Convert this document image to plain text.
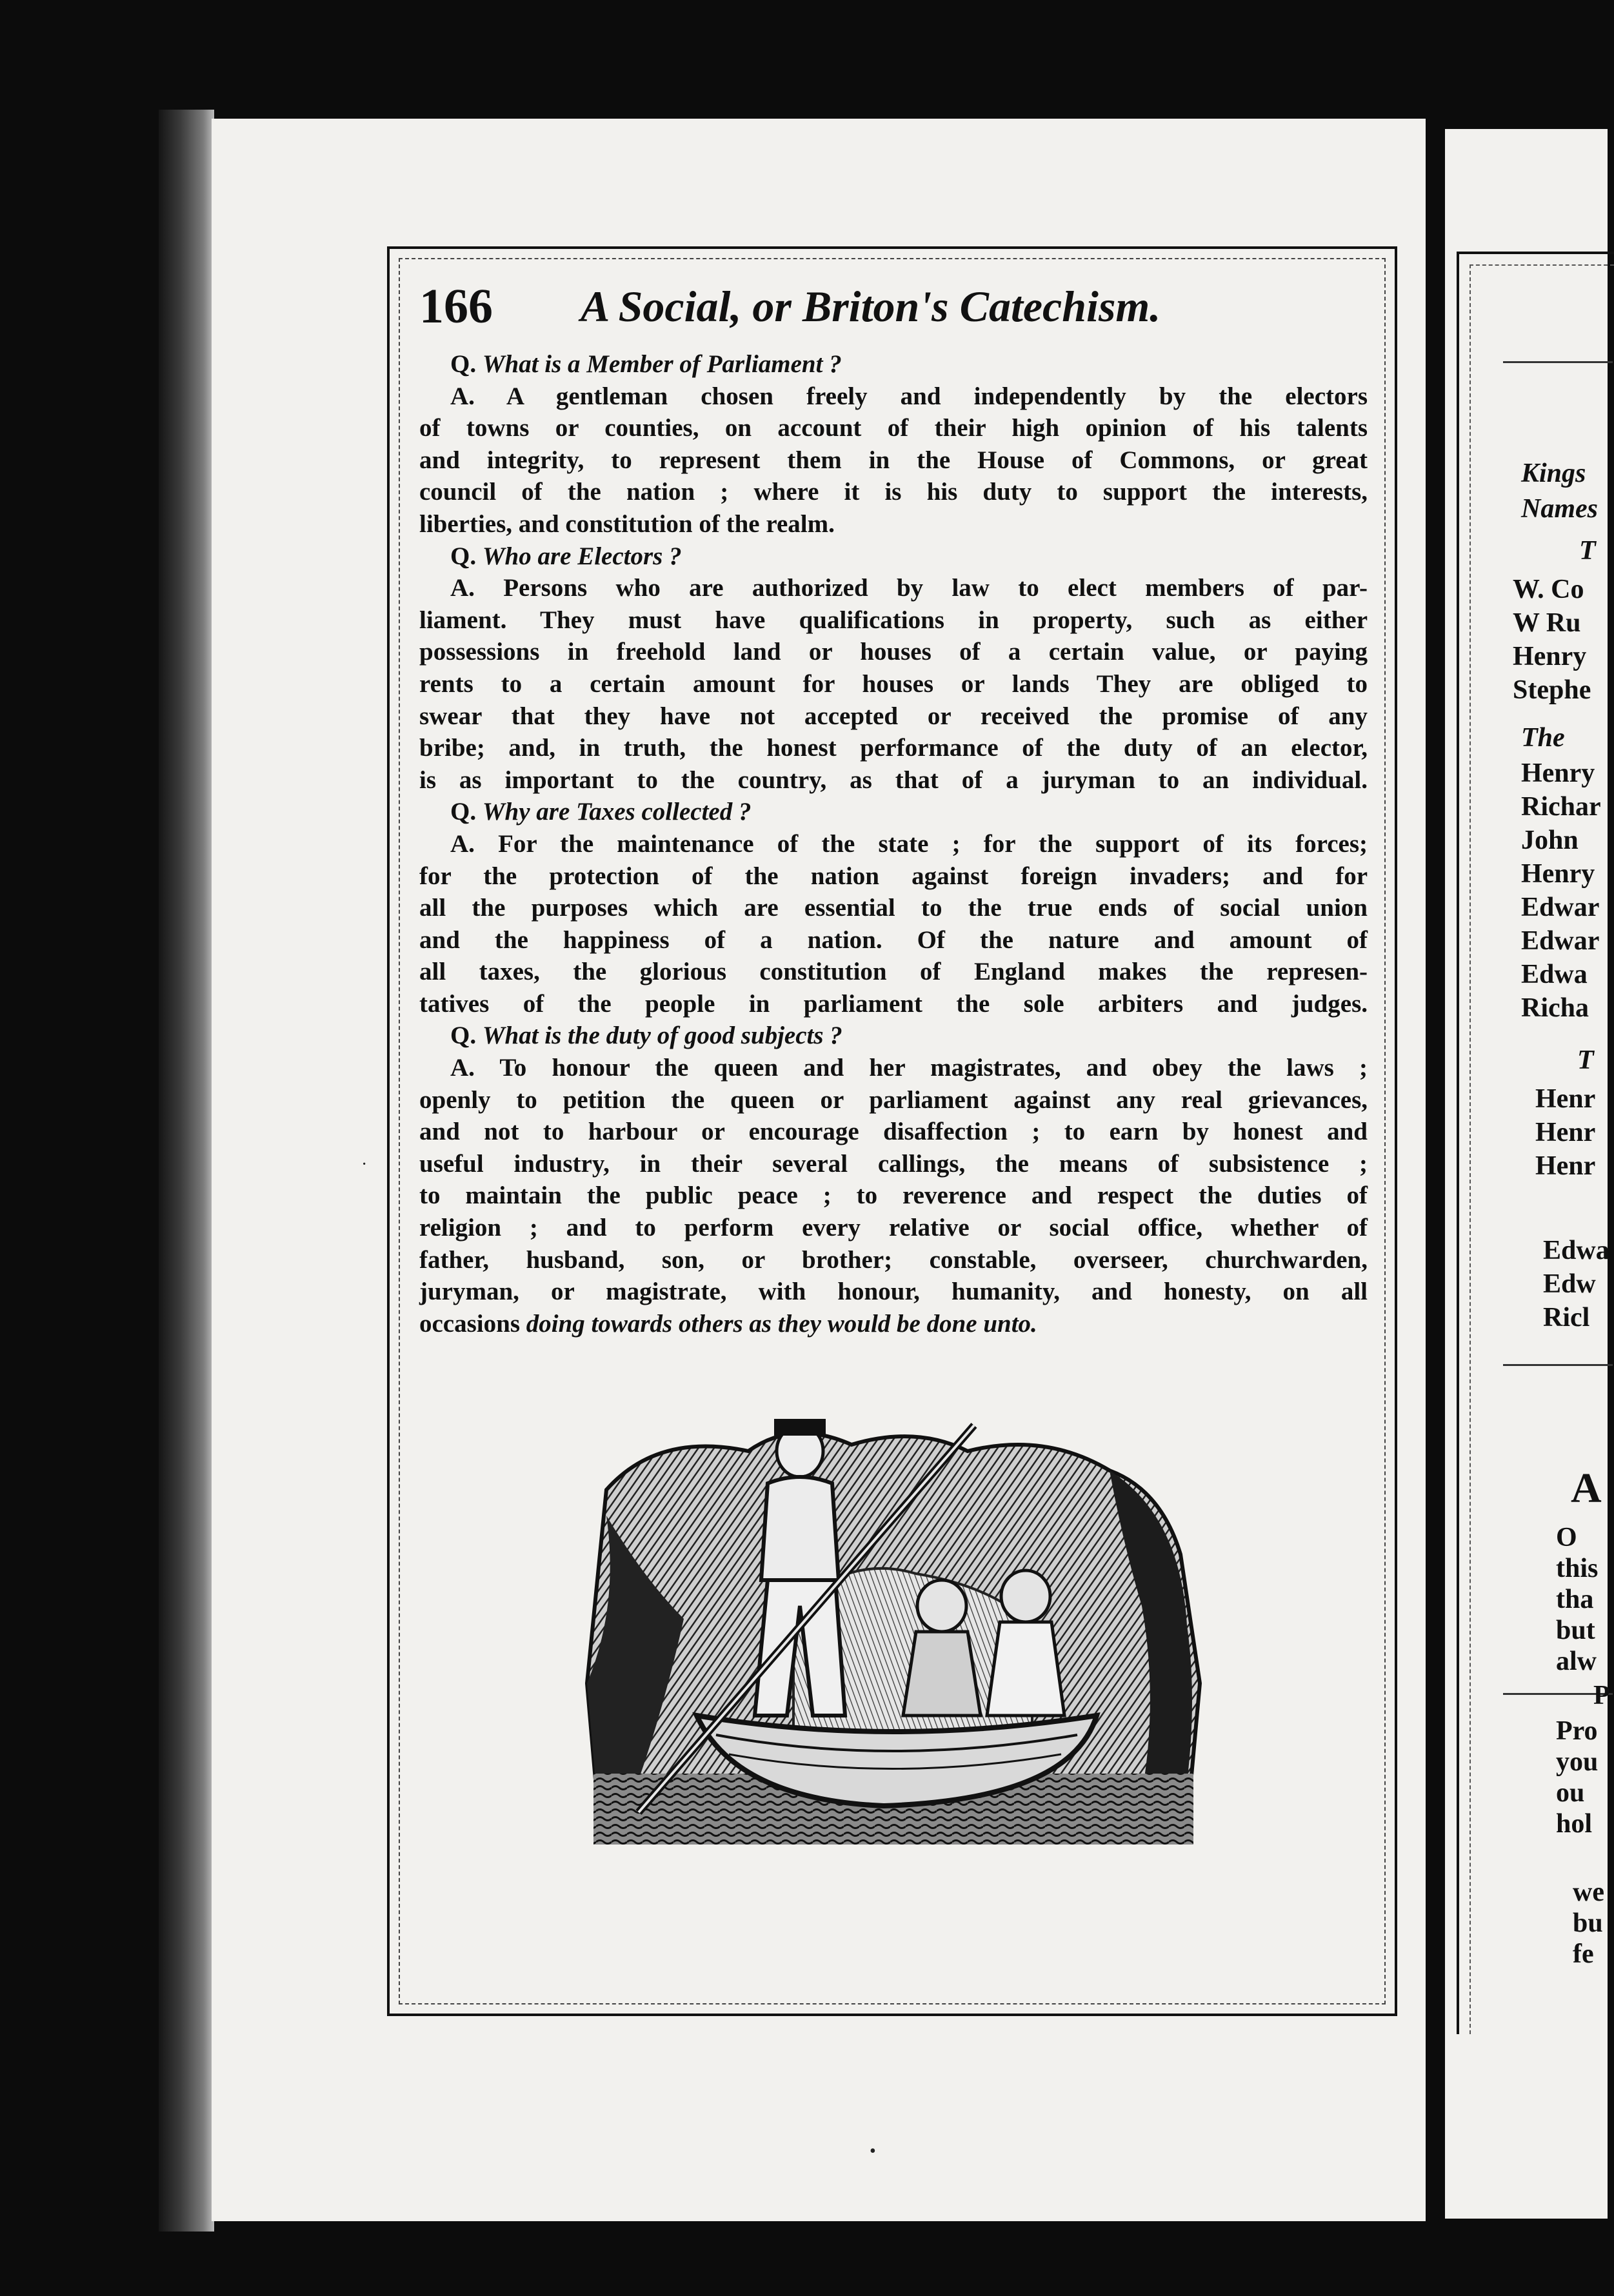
166 A Social, or Briton's Catechism.
Q. What is a Member of Parliament ?
A. A gentleman chosen freely and independently by the electors
of towns or counties, on account of their high opinion of his talents
and integrity, to represent them in the House of Commons, or great
council of the nation ; where it is his duty to support the interests,
liberties, and constitution of the realm.
Q. Who are Electors ?
A. Persons who are authorized by law to elect members of par-
liament. They must have qualifications in property, such as either
possessions in freehold land or houses of a certain value, or paying
rents to a certain amount for houses or lands They are obliged to
swear that they have not accepted or received the promise of any
bribe; and, in truth, the honest performance of the duty of an elector,
is as important to the country, as that of a juryman to an individual.
Q. Why are Taxes collected ?
A. For the maintenance of the state ; for the support of its forces;
for the protection of the nation against foreign invaders; and for
all the purposes which are essential to the true ends of social union
and the happiness of a nation. Of the nature and amount of
all taxes, the glorious constitution of England makes the represen-
tatives of the people in parliament the sole arbiters and judges.
Q. What is the duty of good subjects ?
A. To honour the queen and her magistrates, and obey the laws ;
openly to petition the queen or parliament against any real grievances,
and not to harbour or encourage disaffection ; to earn by honest and
useful industry, in their several callings, the means of subsistence ;
to maintain the public peace ; to reverence and respect the duties of
religion ; and to perform every relative or social office, whether of
father, husband, son, or brother; constable, overseer, churchwarden,
juryman, or magistrate, with honour, humanity, and honesty, on all
occasions doing towards others as they would be done unto.
•
·
Kings
Names
T
W. Co
W Ru
Henry
Stephe
The
Henry
Richar
John
Henry
Edwar
Edwar
Edwa
Richa
T
Henr
Henr
Henr
Edwa
Edw
Ricl
A
O
this
tha
but
alw
P
Pro
you
ou
hol
we
bu
fe
